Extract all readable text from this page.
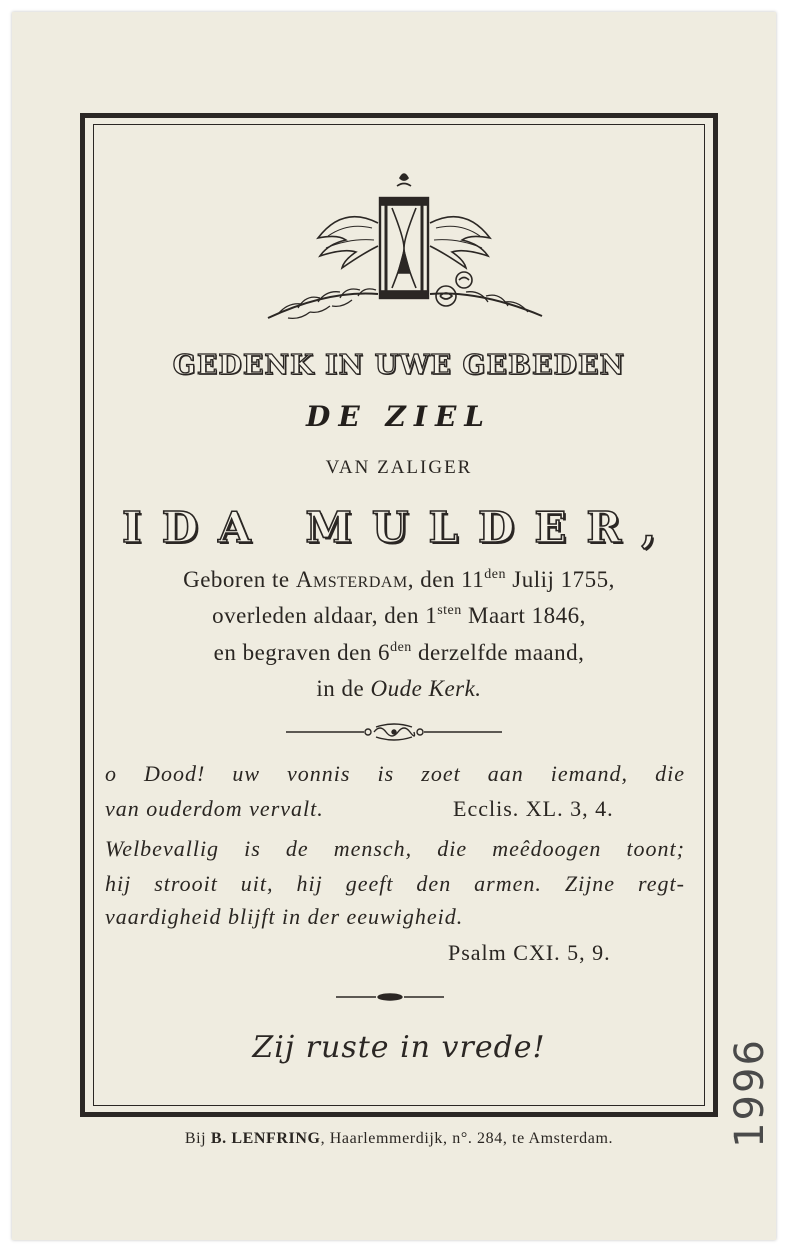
GEDENK IN UWE GEBEDEN
DE ZIEL
VAN ZALIGER
IDA MULDER,
Geboren te Amsterdam, den $11^{den}$ Julij 1755,
overleden aldaar, den $1^{sten}$ Maart 1846,
en begraven den $6^{den}$ derzelfde maand,
in de Oude Kerk.
o Dood! uw vonnis is zoet aan iemand, die
van ouderdom vervalt.	Ecclis. XL. 3, 4.
Welbevallig is de mensch, die meêdoogen toont;
hij strooit uit, hij geeft den armen. Zijne regt-
vaardigheid blijft in der eeuwigheid.
Psalm CXI. 5, 9.
Zij ruste in vrede!
Bij B. LENFRING, Haarlemmerdijk, n°. 284, te Amsterdam.	1996
